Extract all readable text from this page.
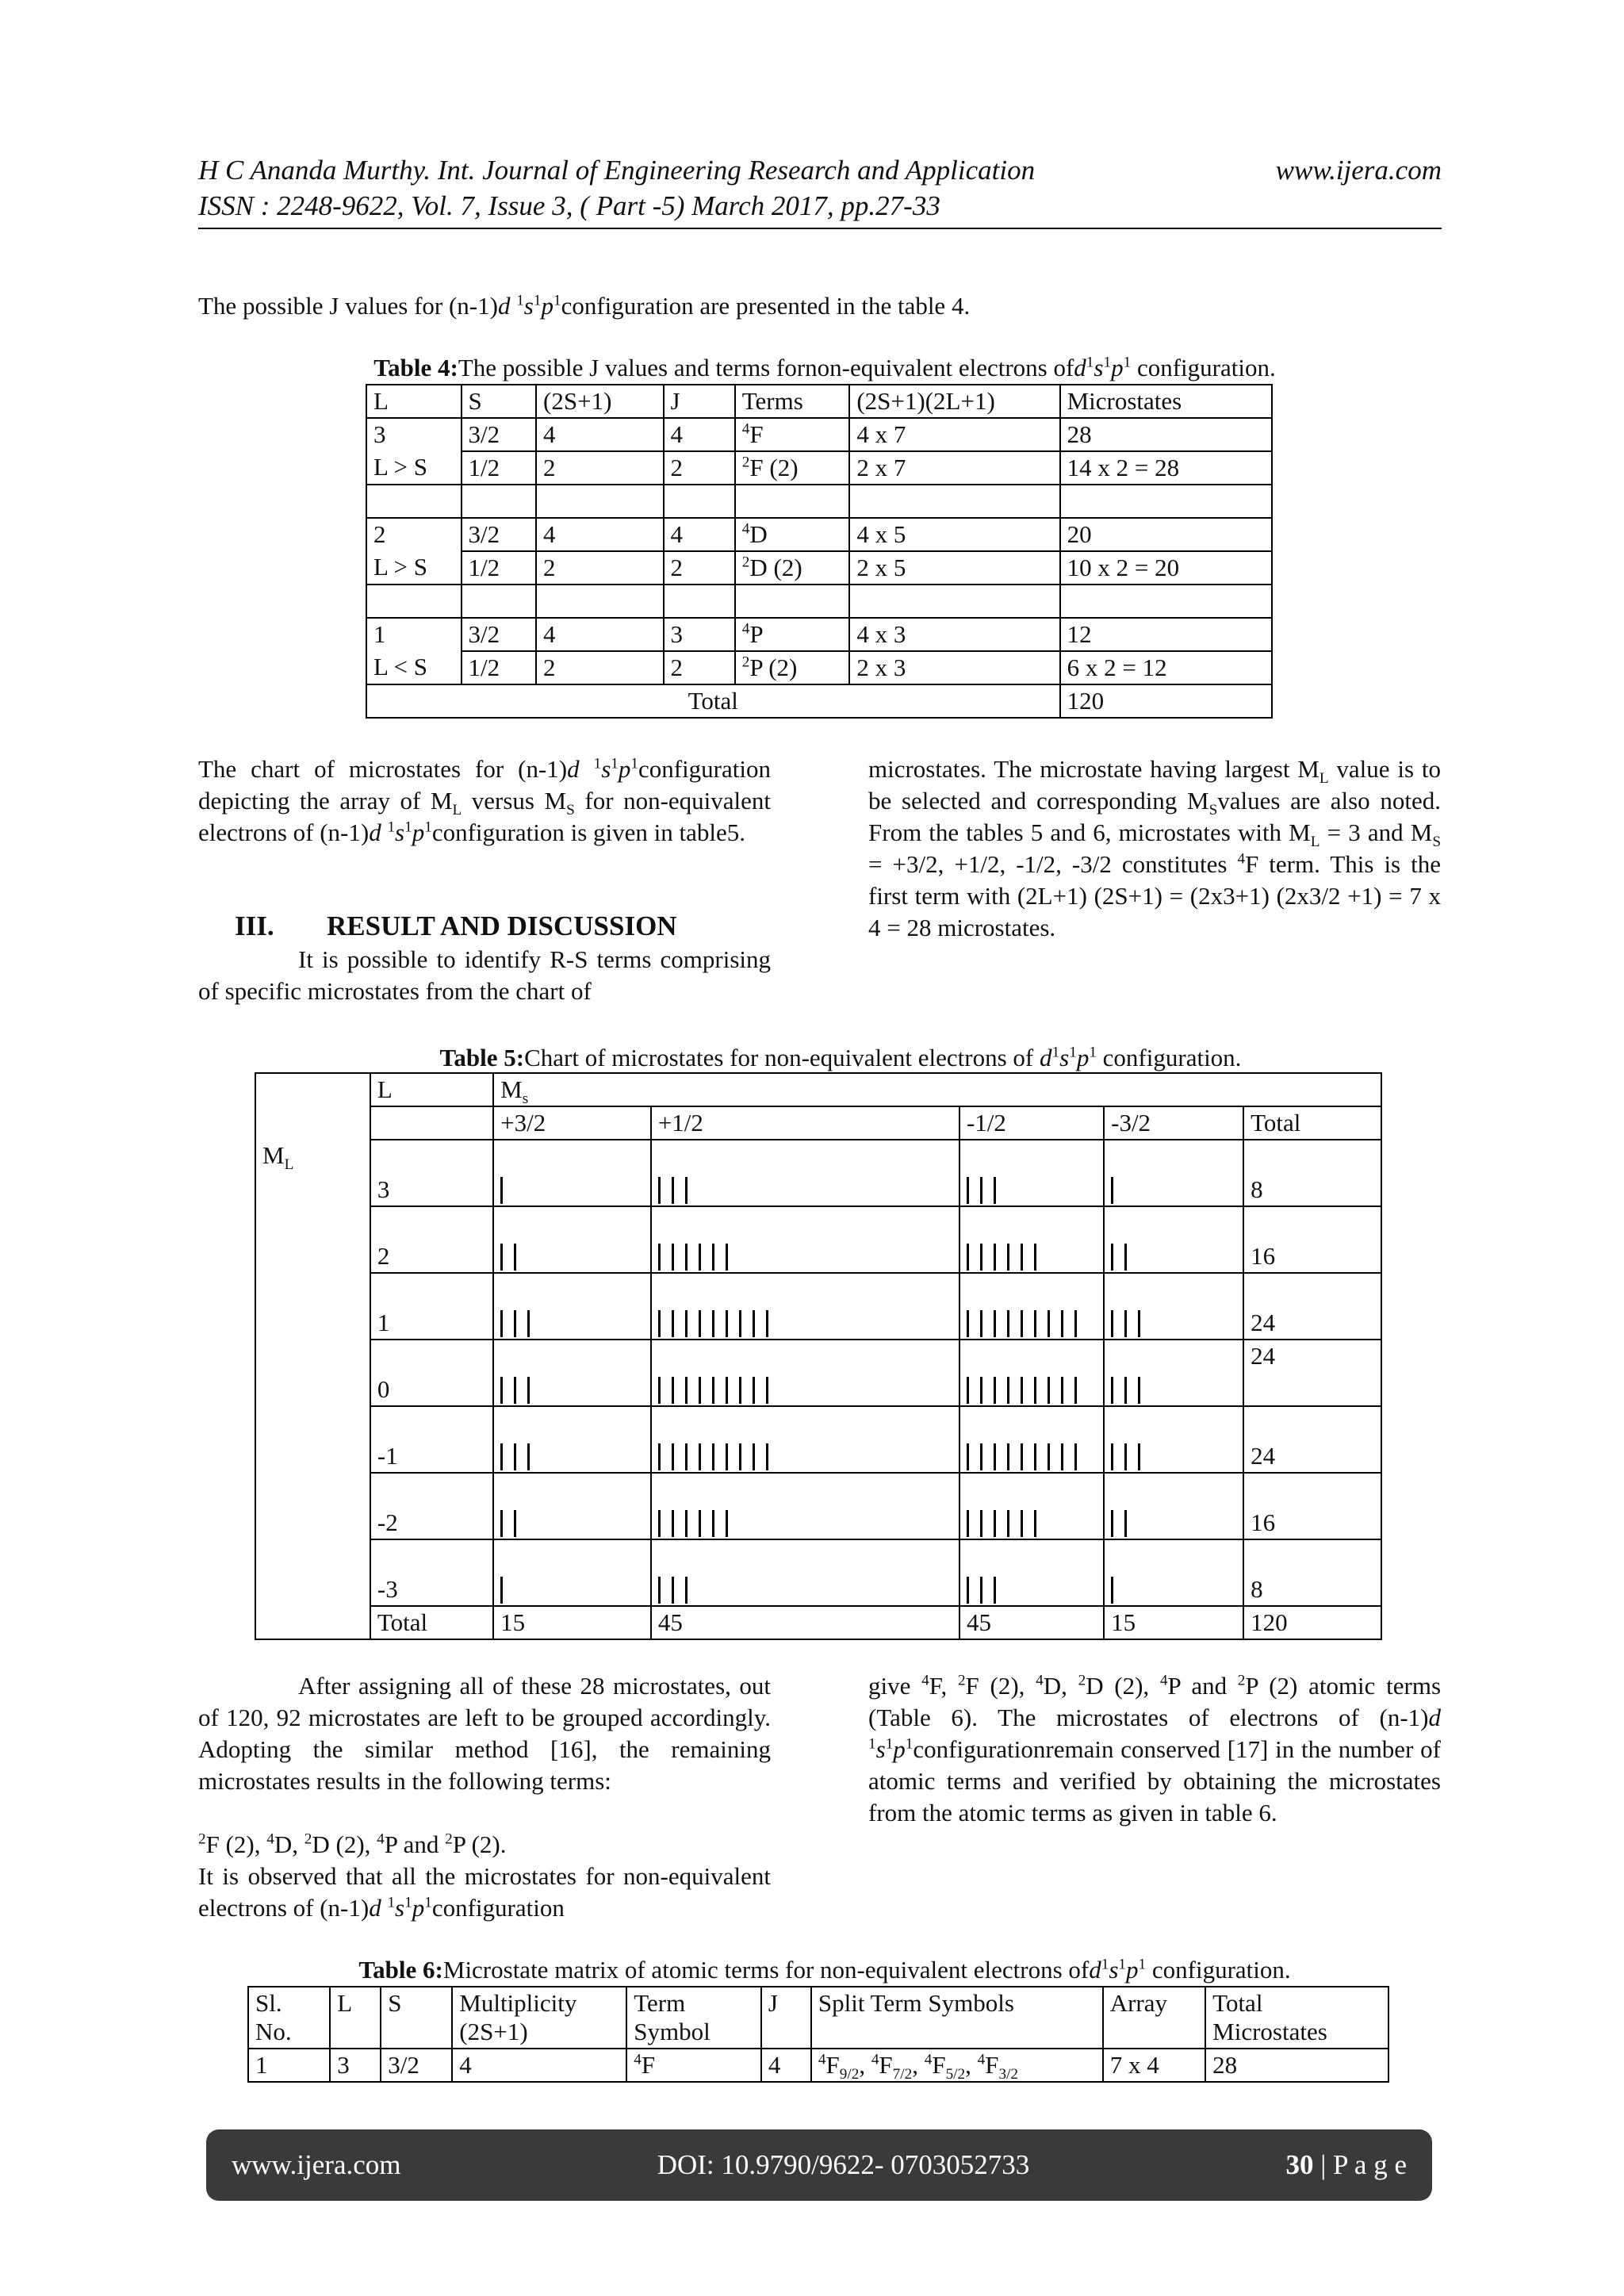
H C Ananda Murthy. Int. Journal of Engineering Research and Application	www.ijera.com
ISSN : 2248-9622, Vol. 7, Issue 3, ( Part -5) March 2017, pp.27-33
The possible J values for (n-1)d $^1s^1p^1configuration$ are presented in the table 4.
Table 4:The possible J values and terms fornon-equivalent electrons $ofd^1s^1p^1$ configuration.
L	S	(2S+1)	J	Terms	(2S+1)(2L+1)	Microstates
3	3/2	4	4	$^4$F	4 x 7	28
L > S	1/2	2	2	$^2$F (2)	2 x 7	14 x 2 = 28

2	3/2	4	4	$^4$D	4 x 5	20
L > S	1/2	2	2	$^2$D (2)	2 x 5	10 x 2 = 20

1	3/2	4	3	$^4$P	4 x 3	12
L < S	1/2	2	2	$^2$P (2)	2 x 3	6 x 2 = 12
Total						120
The chart of microstates for (n-1)d $^1s^1p^1configuration$ depicting the array of $M_L$ versus $M_S$ for non-equivalent electrons of (n-1)d $^1s^1p^1configuration$ is given in table5.
III. RESULT AND DISCUSSION
It is possible to identify R-S terms comprising of specific microstates from the chart of
microstates. The microstate having largest $M_L$ value is to be selected and corresponding $M_Svalues$ are also noted. From the tables 5 and 6, microstates with $M_L = 3$ and $M_S = +3/2$, +1/2, -1/2, -3/2 constitutes $^4$F term. This is the first term with (2L+1) (2S+1) = (2x3+1) (2x3/2 +1) = 7 x 4 = 28 microstates.
Table 5:Chart of microstates for non-equivalent electrons of $d^1s^1p^1$ configuration.
	L	$M_s$
		+3/2	+1/2	-1/2	-3/2	Total
$M_L$	3					8
	2					16
	1					24
	0					24
	-1					24
	-2					16
	-3					8
	Total	15	45	45	15	120
After assigning all of these 28 microstates, out of 120, 92 microstates are left to be grouped accordingly. Adopting the similar method [16], the remaining microstates results in the following terms:
$^2$F (2), $^4$D, $^2$D (2), $^4$P and $^2$P (2).
It is observed that all the microstates for non-equivalent electrons of (n-1)d $^1s^1p^1configuration$
give $^4$F, $^2$F (2), $^4$D, $^2$D (2), $^4$P and $^2$P (2) atomic terms (Table 6). The microstates of electrons of (n-1)d $^1s^1p^1configurationremain$ conserved [17] in the number of atomic terms and verified by obtaining the microstates from the atomic terms as given in table 6.
Table 6:Microstate matrix of atomic terms for non-equivalent electrons $ofd^1s^1p^1$ configuration.
Sl. No.	L	S	Multiplicity (2S+1)	Term Symbol	J	Split Term Symbols	Array	Total Microstates
1	3	3/2	4	$^4$F	4	$^4F_{9/2}$, $^4F_{7/2}$, $^4F_{5/2}$, $^4F_{3/2}$	7 x 4	28
www.ijera.com	DOI: 10.9790/9622- 0703052733	30 | P a g e
